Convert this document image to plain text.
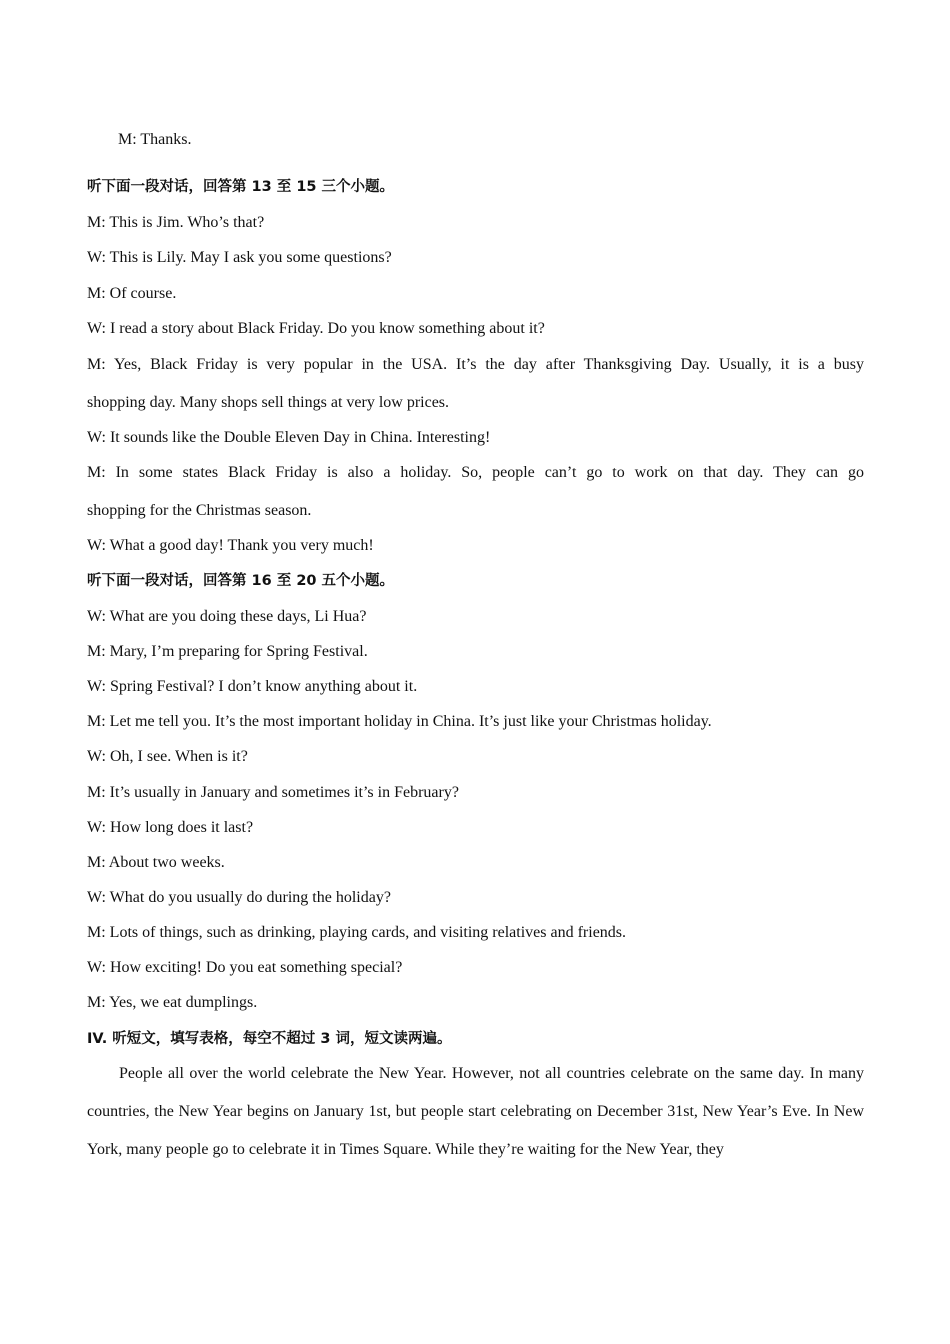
M: Thanks.
听下面一段对话，回答第 13 至 15 三个小题。
M: This is Jim. Who’s that?
W: This is Lily. May I ask you some questions?
M: Of course.
W: I read a story about Black Friday. Do you know something about it?
M: Yes, Black Friday is very popular in the USA. It’s the day after Thanksgiving Day. Usually, it is a busy
shopping day. Many shops sell things at very low prices.
W: It sounds like the Double Eleven Day in China. Interesting!
M: In some states Black Friday is also a holiday. So, people can’t go to work on that day. They can go
shopping for the Christmas season.
W: What a good day! Thank you very much!
听下面一段对话，回答第 16 至 20 五个小题。
W: What are you doing these days, Li Hua?
M: Mary, I’m preparing for Spring Festival.
W: Spring Festival? I don’t know anything about it.
M: Let me tell you. It’s the most important holiday in China. It’s just like your Christmas holiday.
W: Oh, I see. When is it?
M: It’s usually in January and sometimes it’s in February?
W: How long does it last?
M: About two weeks.
W: What do you usually do during the holiday?
M: Lots of things, such as drinking, playing cards, and visiting relatives and friends.
W: How exciting! Do you eat something special?
M: Yes, we eat dumplings.
IV. 听短文，填写表格，每空不超过 3 词，短文读两遍。
People all over the world celebrate the New Year. However, not all countries celebrate on the same day. In many countries, the New Year begins on January 1st, but people start celebrating on December 31st, New Year’s Eve. In New York, many people go to celebrate it in Times Square. While they’re waiting for the New Year, they
